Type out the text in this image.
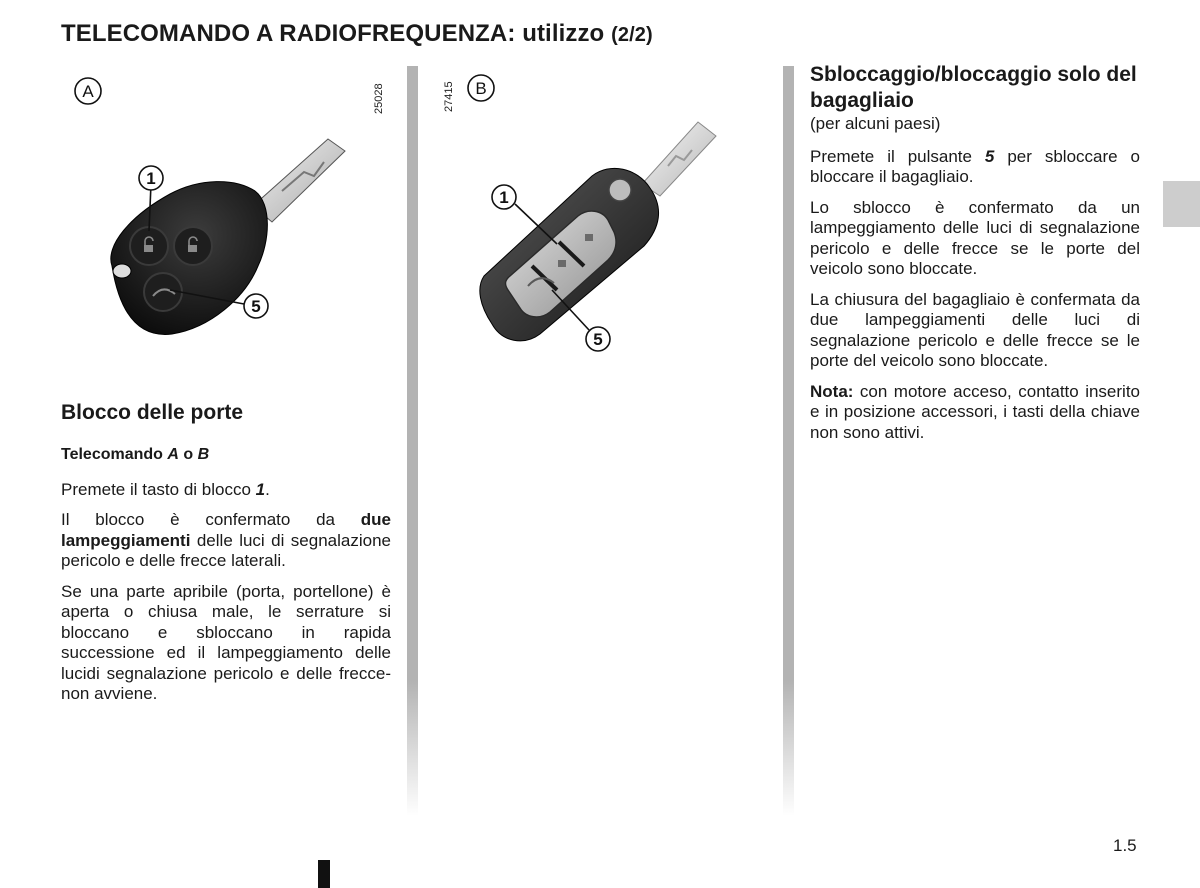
TELECOMANDO A RADIOFREQUENZA: utilizzo (2/2)
A	25028
1
5
27415 B
1
5
Blocco delle porte

Telecomando A o B

Premete il tasto di blocco 1.

Il blocco è confermato da due lampeggiamenti delle luci di segnalazione pericolo e delle frecce laterali.

Se una parte apribile (porta, portellone) è aperta o chiusa male, le serrature si bloccano e sbloccano in rapida successione ed il lampeggiamento delle lucidi segnalazione pericolo e delle frecce-non avviene.

Sbloccaggio/bloccaggio solo del bagagliaio

(per alcuni paesi)

Premete il pulsante 5 per sbloccare o bloccare il bagagliaio.

Lo sblocco è confermato da un lampeggiamento delle luci di segnalazione pericolo e delle frecce se le porte del veicolo sono bloccate.

La chiusura del bagagliaio è confermata da due lampeggiamenti delle luci di segnalazione pericolo e delle frecce se le porte del veicolo sono bloccate.

Nota: con motore acceso, contatto inserito e in posizione accessori, i tasti della chiave non sono attivi.

1.5
